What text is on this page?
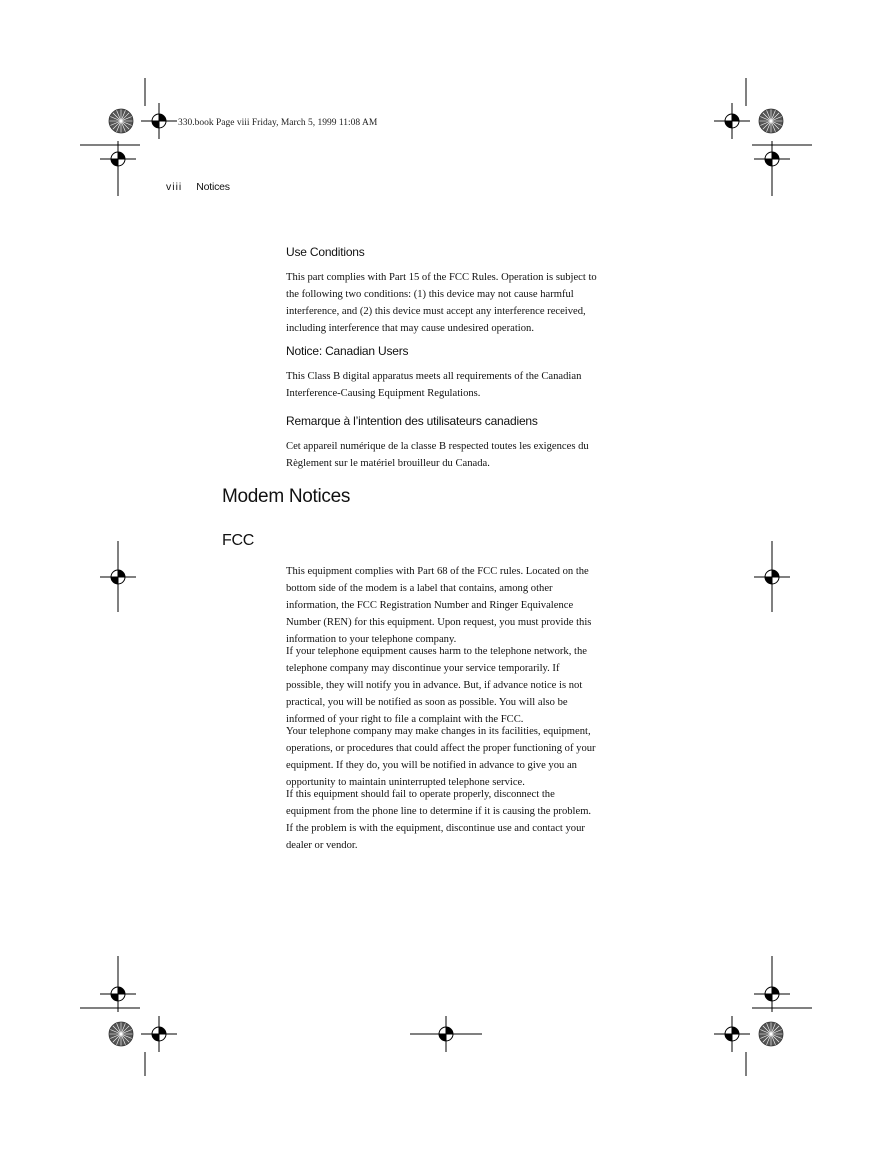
330.book Page viii Friday, March 5, 1999 11:08 AM
viii Notices
Use Conditions

This part complies with Part 15 of the FCC Rules. Operation is subject to
the following two conditions: (1) this device may not cause harmful
interference, and (2) this device must accept any interference received,
including interference that may cause undesired operation.

Notice: Canadian Users

This Class B digital apparatus meets all requirements of the Canadian
Interference-Causing Equipment Regulations.

Remarque à l’intention des utilisateurs canadiens

Cet appareil numérique de la classe B respected toutes les exigences du
Règlement sur le matériel brouilleur du Canada.

Modem Notices
FCC

This equipment complies with Part 68 of the FCC rules. Located on the
bottom side of the modem is a label that contains, among other
information, the FCC Registration Number and Ringer Equivalence
Number (REN) for this equipment. Upon request, you must provide this
information to your telephone company.

If your telephone equipment causes harm to the telephone network, the
telephone company may discontinue your service temporarily. If
possible, they will notify you in advance. But, if advance notice is not
practical, you will be notified as soon as possible. You will also be
informed of your right to file a complaint with the FCC.

Your telephone company may make changes in its facilities, equipment,
operations, or procedures that could affect the proper functioning of your
equipment. If they do, you will be notified in advance to give you an
opportunity to maintain uninterrupted telephone service.

If this equipment should fail to operate properly, disconnect the
equipment from the phone line to determine if it is causing the problem.
If the problem is with the equipment, discontinue use and contact your
dealer or vendor.
